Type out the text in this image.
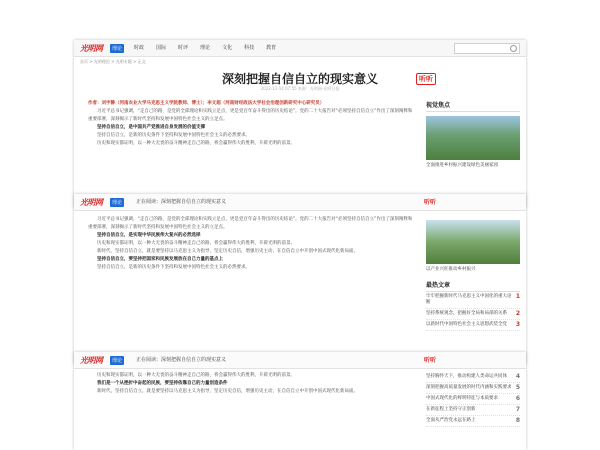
光明网	理论	时政 国际 时评 理论 文化 科技 教育
首页 > 光明理论 > 光明专题 > 正文
深刻把握自信自立的现实意义
2022-11-14 07:55 来源：光明网-光明日报
听听

作者：刘宇静（河南农业大学马克思主义学院教师、博士）；李文超（河南财经政法大学社会治理创新研究中心研究员）

习近平总书记强调，“走自己的路，是党的全部理论和实践立足点，更是党百年奋斗得出的历史结论”。党的二十大报告对“必须坚持自信自立”作出了深刻阐释和重要部署，深刻揭示了新时代坚持和发展中国特色社会主义的立足点。

坚持自信自立，是中国共产党推进自身发展的价值支撑

坚持自信自立，是新的历史条件下坚持和发展中国特色社会主义的必然要求。

历史和现实都证明，以一种大无畏的奋斗精神走自己的路，将会赢得伟大的胜利，开辟光明的前景。

视觉焦点
全面推进乡村振兴建设绿色美丽家园
光明网	理论	正在阅读：深刻把握自信自立的现实意义	听听

习近平总书记强调，“走自己的路，是党的全部理论和实践立足点，更是党百年奋斗得出的历史结论”。党的二十大报告对“必须坚持自信自立”作出了深刻阐释和重要部署，深刻揭示了新时代坚持和发展中国特色社会主义的立足点。

坚持自信自立，是实现中华民族伟大复兴的必然选择

历史和现实都证明，以一种大无畏的奋斗精神走自己的路，将会赢得伟大的胜利，开辟光明的前景。

新时代，坚持自信自立，就是要坚持以马克思主义为指导，坚定历史自信，增强历史主动，在自信自立中开创中国式现代化新局面。

坚持自信自立，要坚持把国家和民族发展放在自己力量的基点上

坚持自信自立，是新的历史条件下坚持和发展中国特色社会主义的必然要求。	以产业兴旺推动乡村振兴
最热文章
牢牢把握新时代马克思主义中国化的重大论断
1
坚持系统观念，把握好全局和局部的关系 2
以新时代中国特色社会主义思想武装全党 3
光明网	理论	正在阅读：深刻把握自信自立的现实意义	听听

历史和现实都证明，以一种大无畏的奋斗精神走自己的路，将会赢得伟大的胜利，开辟光明的前景。

我们是一个从挫折中奋起的民族，要坚持依靠自己的力量创造条件

新时代，坚持自信自立，就是要坚持以马克思主义为指导，坚定历史自信，增强历史主动，在自信自立中开创中国式现代化新局面。

坚持胸怀天下，推动构建人类命运共同体 4
深刻把握高质量发展的时代内涵和实践要求 5
中国式现代化的鲜明特征与本质要求	6
在新征程上坚持守正创新	7
全面从严治党永远在路上	8
